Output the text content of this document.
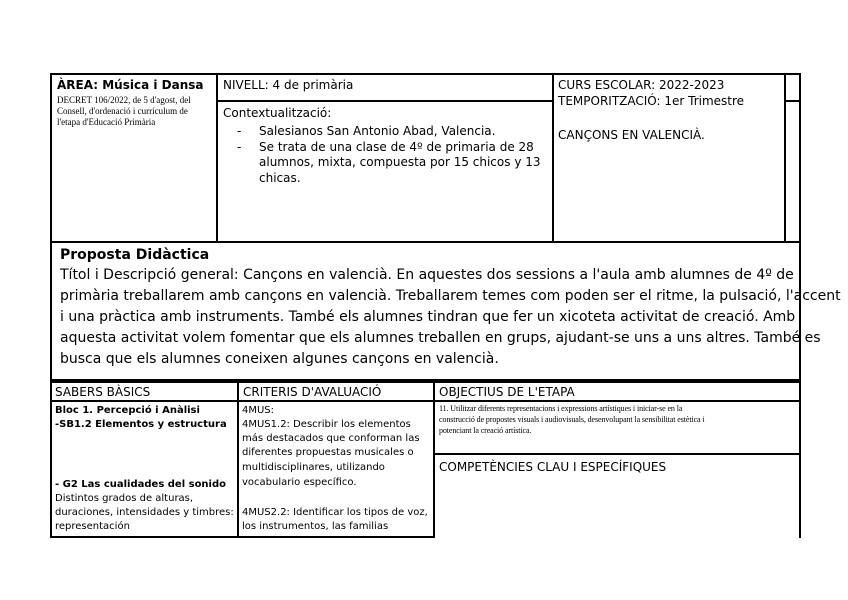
ÀREA: Música i Dansa
DECRET 106/2022, de 5 d'agost, del
Consell, d'ordenació i currículum de
l'etapa d'Educació Primària
NIVELL: 4 de primària
Contextualització:
- Salesianos San Antonio Abad, Valencia.
- Se trata de una clase de 4º de primaria de 28
alumnos, mixta, compuesta por 15 chicos y 13
chicas.
CURS ESCOLAR: 2022-2023
TEMPORITZACIÓ: 1er Trimestre
CANÇONS EN VALENCIÀ.
Proposta Didàctica
Títol i Descripció general: Cançons en valencià. En aquestes dos sessions a l'aula amb alumnes de 4º de
primària treballarem amb cançons en valencià. Treballarem temes com poden ser el ritme, la pulsació, l'accent
i una pràctica amb instruments. També els alumnes tindran que fer un xicoteta activitat de creació. Amb
aquesta activitat volem fomentar que els alumnes treballen en grups, ajudant-se uns a uns altres. També es
busca que els alumnes coneixen algunes cançons en valencià.
SABERS BÀSICS	CRITERIS D'AVALUACIÓ	OBJECTIUS DE L'ETAPA
Bloc 1. Percepció i Anàlisi
-SB1.2 Elementos y estructura
- G2 Las cualidades del sonido
Distintos grados de alturas,
duraciones, intensidades y timbres:
representación
4MUS:
4MUS1.2: Describir los elementos
más destacados que conforman las
diferentes propuestas musicales o
multidisciplinares, utilizando
vocabulario específico.
4MUS2.2: Identificar los tipos de voz,
los instrumentos, las familias
11. Utilitzar diferents representacions i expressions artístiques i iniciar-se en la
construcció de propostes visuals i audiovisuals, desenvolupant la sensibilitat estètica i
potenciant la creació artística.
COMPETÈNCIES CLAU I ESPECÍFIQUES
